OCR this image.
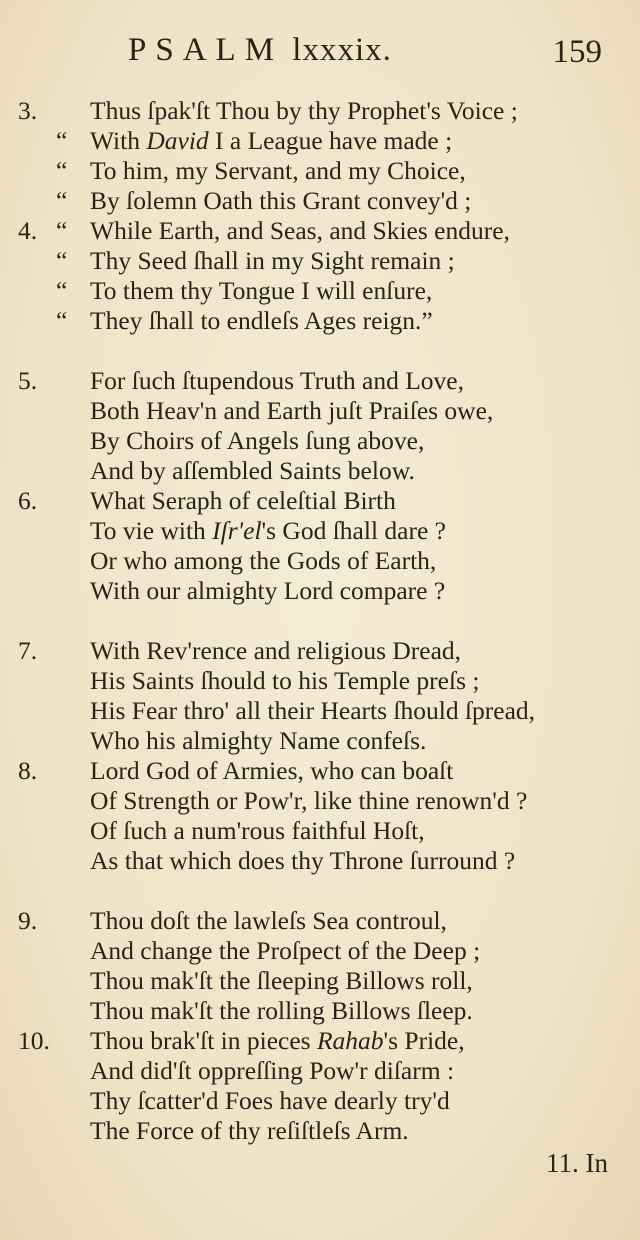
PSALM lxxxix.	159
3. Thus ſpak'ſt Thou by thy Prophet's Voice ;
“ With David I a League have made ;
“ To him, my Servant, and my Choice,
“ By ſolemn Oath this Grant convey'd ;
4. “ While Earth, and Seas, and Skies endure,
“ Thy Seed ſhall in my Sight remain ;
“ To them thy Tongue I will enſure,
“ They ſhall to endleſs Ages reign.”
5. For ſuch ſtupendous Truth and Love,
Both Heav'n and Earth juſt Praiſes owe,
By Choirs of Angels ſung above,
And by aſſembled Saints below.
6. What Seraph of celeſtial Birth
To vie with Iſr'el's God ſhall dare ?
Or who among the Gods of Earth,
With our almighty Lord compare ?
7. With Rev'rence and religious Dread,
His Saints ſhould to his Temple preſs ;
His Fear thro' all their Hearts ſhould ſpread,
Who his almighty Name confeſs.
8. Lord God of Armies, who can boaſt
Of Strength or Pow'r, like thine renown'd ?
Of ſuch a num'rous faithful Hoſt,
As that which does thy Throne ſurround ?
9. Thou doſt the lawleſs Sea controul,
And change the Proſpect of the Deep ;
Thou mak'ſt the ſleeping Billows roll,
Thou mak'ſt the rolling Billows ſleep.
10. Thou brak'ſt in pieces Rahab's Pride,
And did'ſt oppreſſing Pow'r diſarm :
Thy ſcatter'd Foes have dearly try'd
The Force of thy reſiſtleſs Arm.
11. In
